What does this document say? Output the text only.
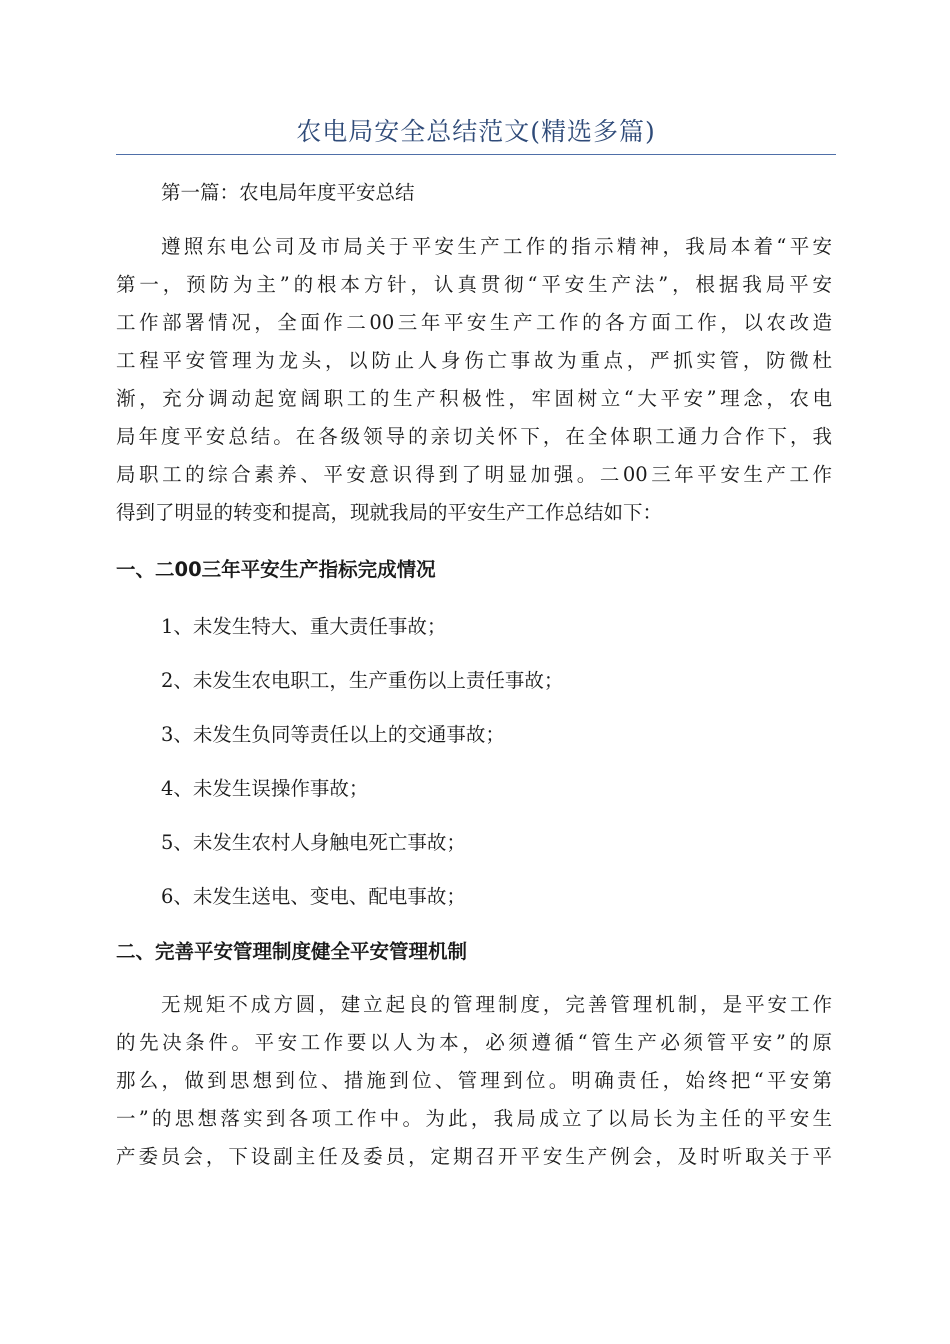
农电局安全总结范文(精选多篇)
第一篇：农电局年度平安总结
遵照东电公司及市局关于平安生产工作的指示精神，我局本着“平安
第一，预防为主”的根本方针，认真贯彻“平安生产法”，根据我局平安
工作部署情况，全面作二00三年平安生产工作的各方面工作，以农改造
工程平安管理为龙头，以防止人身伤亡事故为重点，严抓实管，防微杜
渐，充分调动起宽阔职工的生产积极性，牢固树立“大平安”理念，农电
局年度平安总结。在各级领导的亲切关怀下，在全体职工通力合作下，我
局职工的综合素养、平安意识得到了明显加强。二00三年平安生产工作
得到了明显的转变和提高，现就我局的平安生产工作总结如下：
一、二00三年平安生产指标完成情况
1、未发生特大、重大责任事故；
2、未发生农电职工，生产重伤以上责任事故；
3、未发生负同等责任以上的交通事故；
4、未发生误操作事故；
5、未发生农村人身触电死亡事故；
6、未发生送电、变电、配电事故；
二、完善平安管理制度健全平安管理机制
无规矩不成方圆，建立起良的管理制度，完善管理机制，是平安工作
的先决条件。平安工作要以人为本，必须遵循“管生产必须管平安”的原
那么，做到思想到位、措施到位、管理到位。明确责任，始终把“平安第
一”的思想落实到各项工作中。为此，我局成立了以局长为主任的平安生
产委员会，下设副主任及委员，定期召开平安生产例会，及时听取关于平
